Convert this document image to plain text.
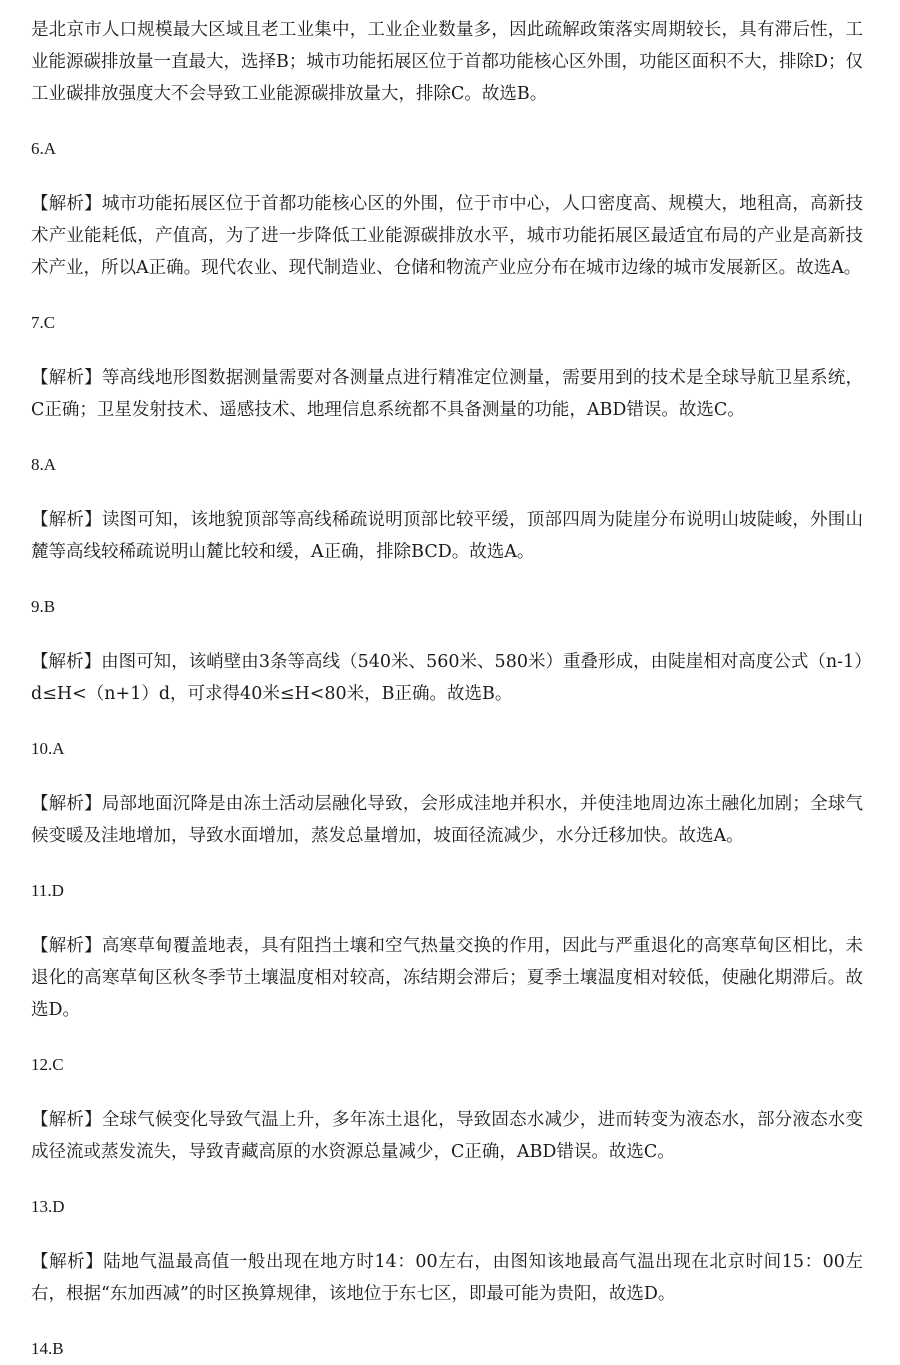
是北京市人口规模最大区域且老工业集中，工业企业数量多，因此疏解政策落实周期较长，具有滞后性，工业能源碳排放量一直最大，选择B；城市功能拓展区位于首都功能核心区外围，功能区面积不大，排除D；仅工业碳排放强度大不会导致工业能源碳排放量大，排除C。故选B。

6.A

【解析】城市功能拓展区位于首都功能核心区的外围，位于市中心，人口密度高、规模大，地租高，高新技术产业能耗低，产值高，为了进一步降低工业能源碳排放水平，城市功能拓展区最适宜布局的产业是高新技术产业，所以A正确。现代农业、现代制造业、仓储和物流产业应分布在城市边缘的城市发展新区。故选A。

7.C

【解析】等高线地形图数据测量需要对各测量点进行精准定位测量，需要用到的技术是全球导航卫星系统，C正确；卫星发射技术、遥感技术、地理信息系统都不具备测量的功能，ABD错误。故选C。

8.A

【解析】读图可知，该地貌顶部等高线稀疏说明顶部比较平缓，顶部四周为陡崖分布说明山坡陡峻，外围山麓等高线较稀疏说明山麓比较和缓，A正确，排除BCD。故选A。

9.B

【解析】由图可知，该峭壁由3条等高线（540米、560米、580米）重叠形成，由陡崖相对高度公式（n-1）d≤H<（n+1）d，可求得40米≤H<80米，B正确。故选B。

10.A

【解析】局部地面沉降是由冻土活动层融化导致，会形成洼地并积水，并使洼地周边冻土融化加剧；全球气候变暖及洼地增加，导致水面增加，蒸发总量增加，坡面径流减少，水分迁移加快。故选A。

11.D

【解析】高寒草甸覆盖地表，具有阻挡土壤和空气热量交换的作用，因此与严重退化的高寒草甸区相比，未退化的高寒草甸区秋冬季节土壤温度相对较高，冻结期会滞后；夏季土壤温度相对较低，使融化期滞后。故选D。

12.C

【解析】全球气候变化导致气温上升，多年冻土退化，导致固态水减少，进而转变为液态水，部分液态水变成径流或蒸发流失，导致青藏高原的水资源总量减少，C正确，ABD错误。故选C。

13.D

【解析】陆地气温最高值一般出现在地方时14：00左右，由图知该地最高气温出现在北京时间15：00左右，根据“东加西减”的时区换算规律，该地位于东七区，即最可能为贵阳，故选D。

14.B
